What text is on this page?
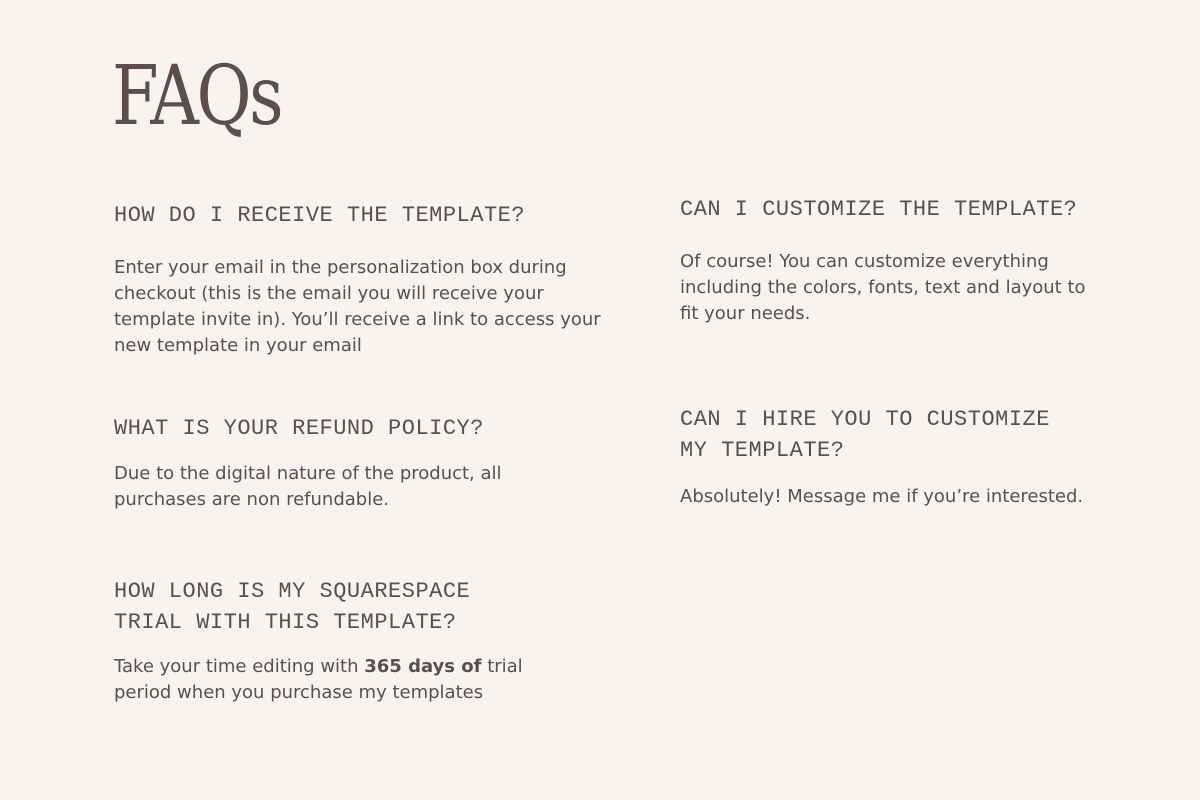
FAQs
HOW DO I RECEIVE THE TEMPLATE?

Enter your email in the personalization box during
checkout (this is the email you will receive your
template invite in). You’ll receive a link to access your
new template in your email

WHAT IS YOUR REFUND POLICY?

Due to the digital nature of the product, all
purchases are non refundable.

HOW LONG IS MY SQUARESPACE
TRIAL WITH THIS TEMPLATE?

Take your time editing with 365 days of trial
period when you purchase my templates

CAN I CUSTOMIZE THE TEMPLATE?

Of course! You can customize everything
including the colors, fonts, text and layout to
fit your needs.

CAN I HIRE YOU TO CUSTOMIZE
MY TEMPLATE?

Absolutely! Message me if you’re interested.
